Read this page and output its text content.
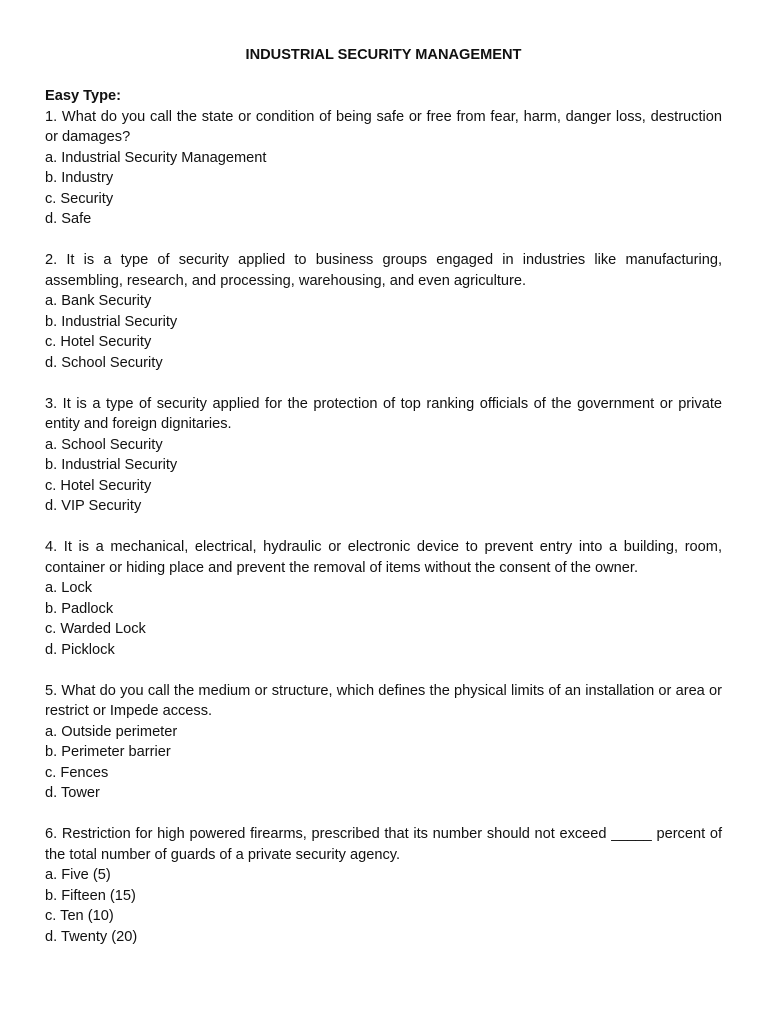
INDUSTRIAL SECURITY MANAGEMENT

Easy Type:

1. What do you call the state or condition of being safe or free from fear, harm, danger loss, destruction or damages?

a. Industrial Security Management

b. Industry

c. Security

d. Safe

2. It is a type of security applied to business groups engaged in industries like manufacturing, assembling, research, and processing, warehousing, and even agriculture.

a. Bank Security

b. Industrial Security

c. Hotel Security

d. School Security

3. It is a type of security applied for the protection of top ranking officials of the government or private entity and foreign dignitaries.

a. School Security

b. Industrial Security

c. Hotel Security

d. VIP Security

4. It is a mechanical, electrical, hydraulic or electronic device to prevent entry into a building, room, container or hiding place and prevent the removal of items without the consent of the owner.

a. Lock

b. Padlock

c. Warded Lock

d. Picklock

5. What do you call the medium or structure, which defines the physical limits of an installation or area or restrict or Impede access.

a. Outside perimeter

b. Perimeter barrier

c. Fences

d. Tower

6. Restriction for high powered firearms, prescribed that its number should not exceed _____ percent of the total number of guards of a private security agency.

a. Five (5)

b. Fifteen (15)

c. Ten (10)

d. Twenty (20)
